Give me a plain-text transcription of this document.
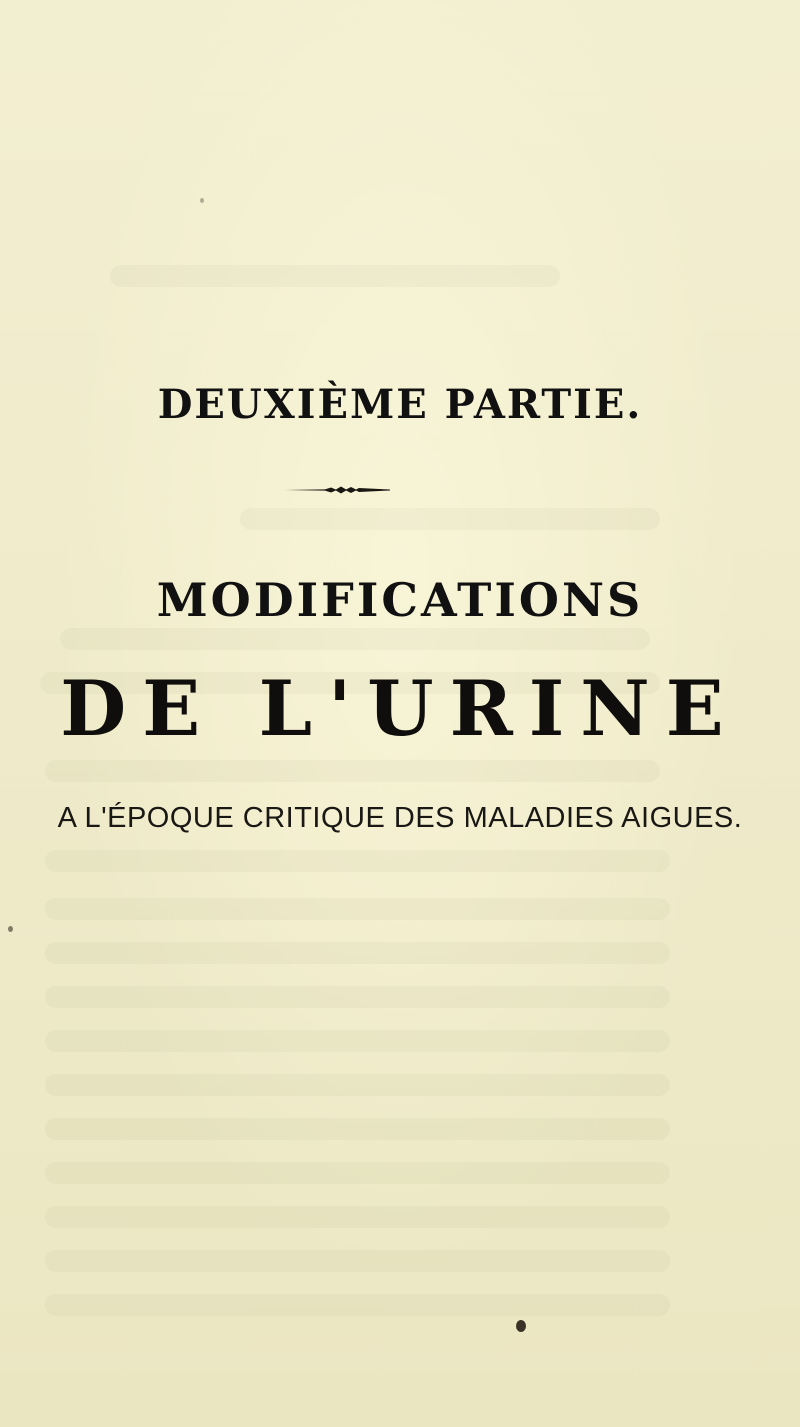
DEUXIÈME PARTIE.
MODIFICATIONS
DE L'URINE
A L'ÉPOQUE CRITIQUE DES MALADIES AIGUES.
